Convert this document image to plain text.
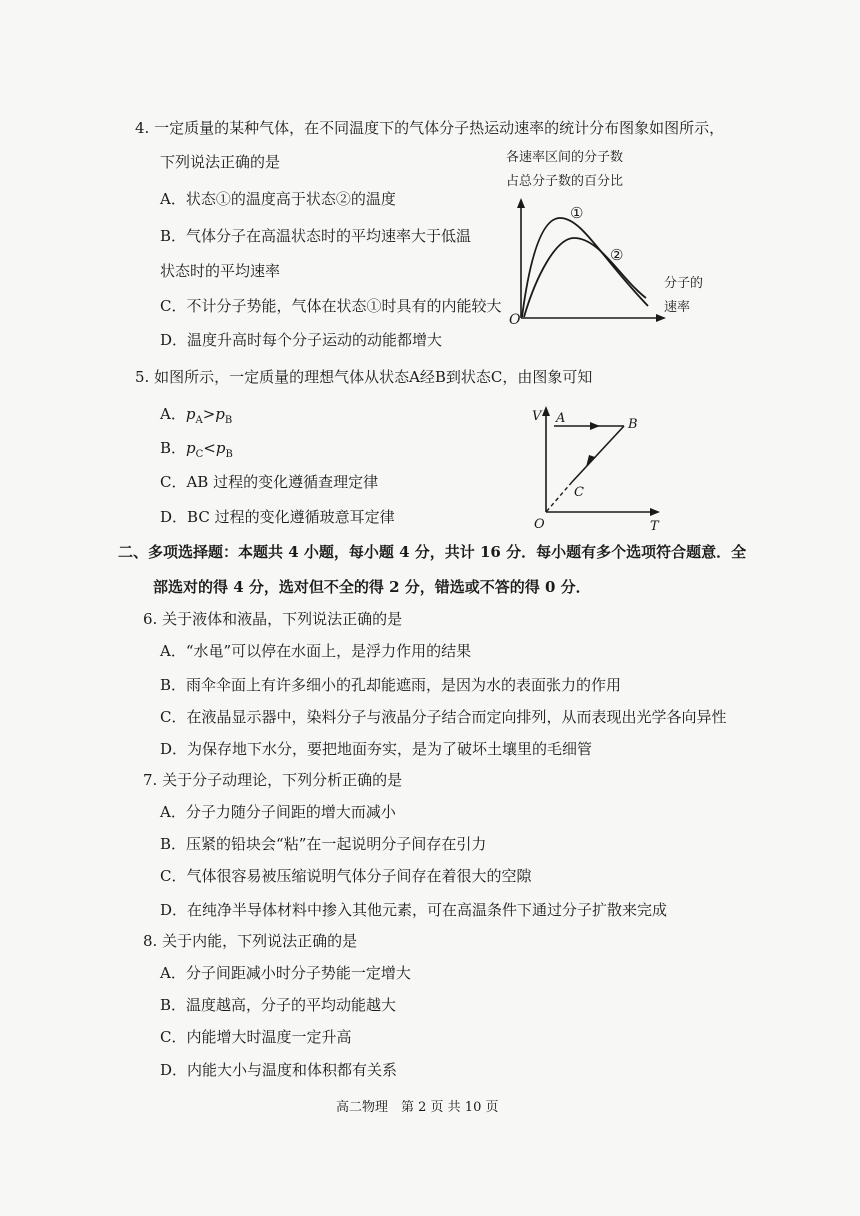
4. 一定质量的某种气体，在不同温度下的气体分子热运动速率的统计分布图象如图所示，
下列说法正确的是
A．状态①的温度高于状态②的温度
B．气体分子在高温状态时的平均速率大于低温
状态时的平均速率
C．不计分子势能，气体在状态①时具有的内能较大
D．温度升高时每个分子运动的动能都增大
各速率区间的分子数
占总分子数的百分比
分子的
速率
O
①
②
5. 如图所示，一定质量的理想气体从状态A经B到状态C，由图象可知
A．$p_A>p_B$
B．$p_C<p_B$
C．AB 过程的变化遵循查理定律
D．BC 过程的变化遵循玻意耳定律
V A	B
C
O	T
二、多项选择题：本题共 4 小题，每小题 4 分，共计 16 分．每小题有多个选项符合题意．全
部选对的得 4 分，选对但不全的得 2 分，错选或不答的得 0 分．
6. 关于液体和液晶，下列说法正确的是
A．“水黾”可以停在水面上，是浮力作用的结果
B．雨伞伞面上有许多细小的孔却能遮雨，是因为水的表面张力的作用
C．在液晶显示器中，染料分子与液晶分子结合而定向排列，从而表现出光学各向异性
D．为保存地下水分，要把地面夯实，是为了破坏土壤里的毛细管
7. 关于分子动理论，下列分析正确的是
A．分子力随分子间距的增大而减小
B．压紧的铅块会“粘”在一起说明分子间存在引力
C．气体很容易被压缩说明气体分子间存在着很大的空隙
D．在纯净半导体材料中掺入其他元素，可在高温条件下通过分子扩散来完成
8. 关于内能，下列说法正确的是
A．分子间距减小时分子势能一定增大
B．温度越高，分子的平均动能越大
C．内能增大时温度一定升高
D．内能大小与温度和体积都有关系
高二物理　第 2 页 共 10 页
